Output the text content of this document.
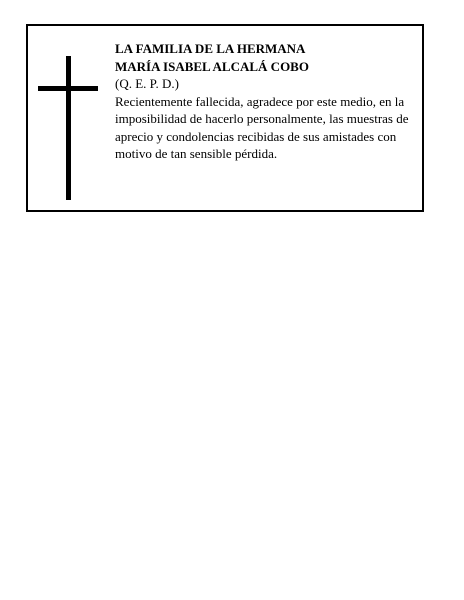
LA FAMILIA DE LA HERMANA
MARÍA ISABEL ALCALÁ COBO
(Q. E. P. D.)
Recientemente fallecida, agradece por este medio, en la imposibilidad de hacerlo personalmente, las muestras de aprecio y condolencias recibidas de sus amistades con motivo de tan sensible pérdida.
